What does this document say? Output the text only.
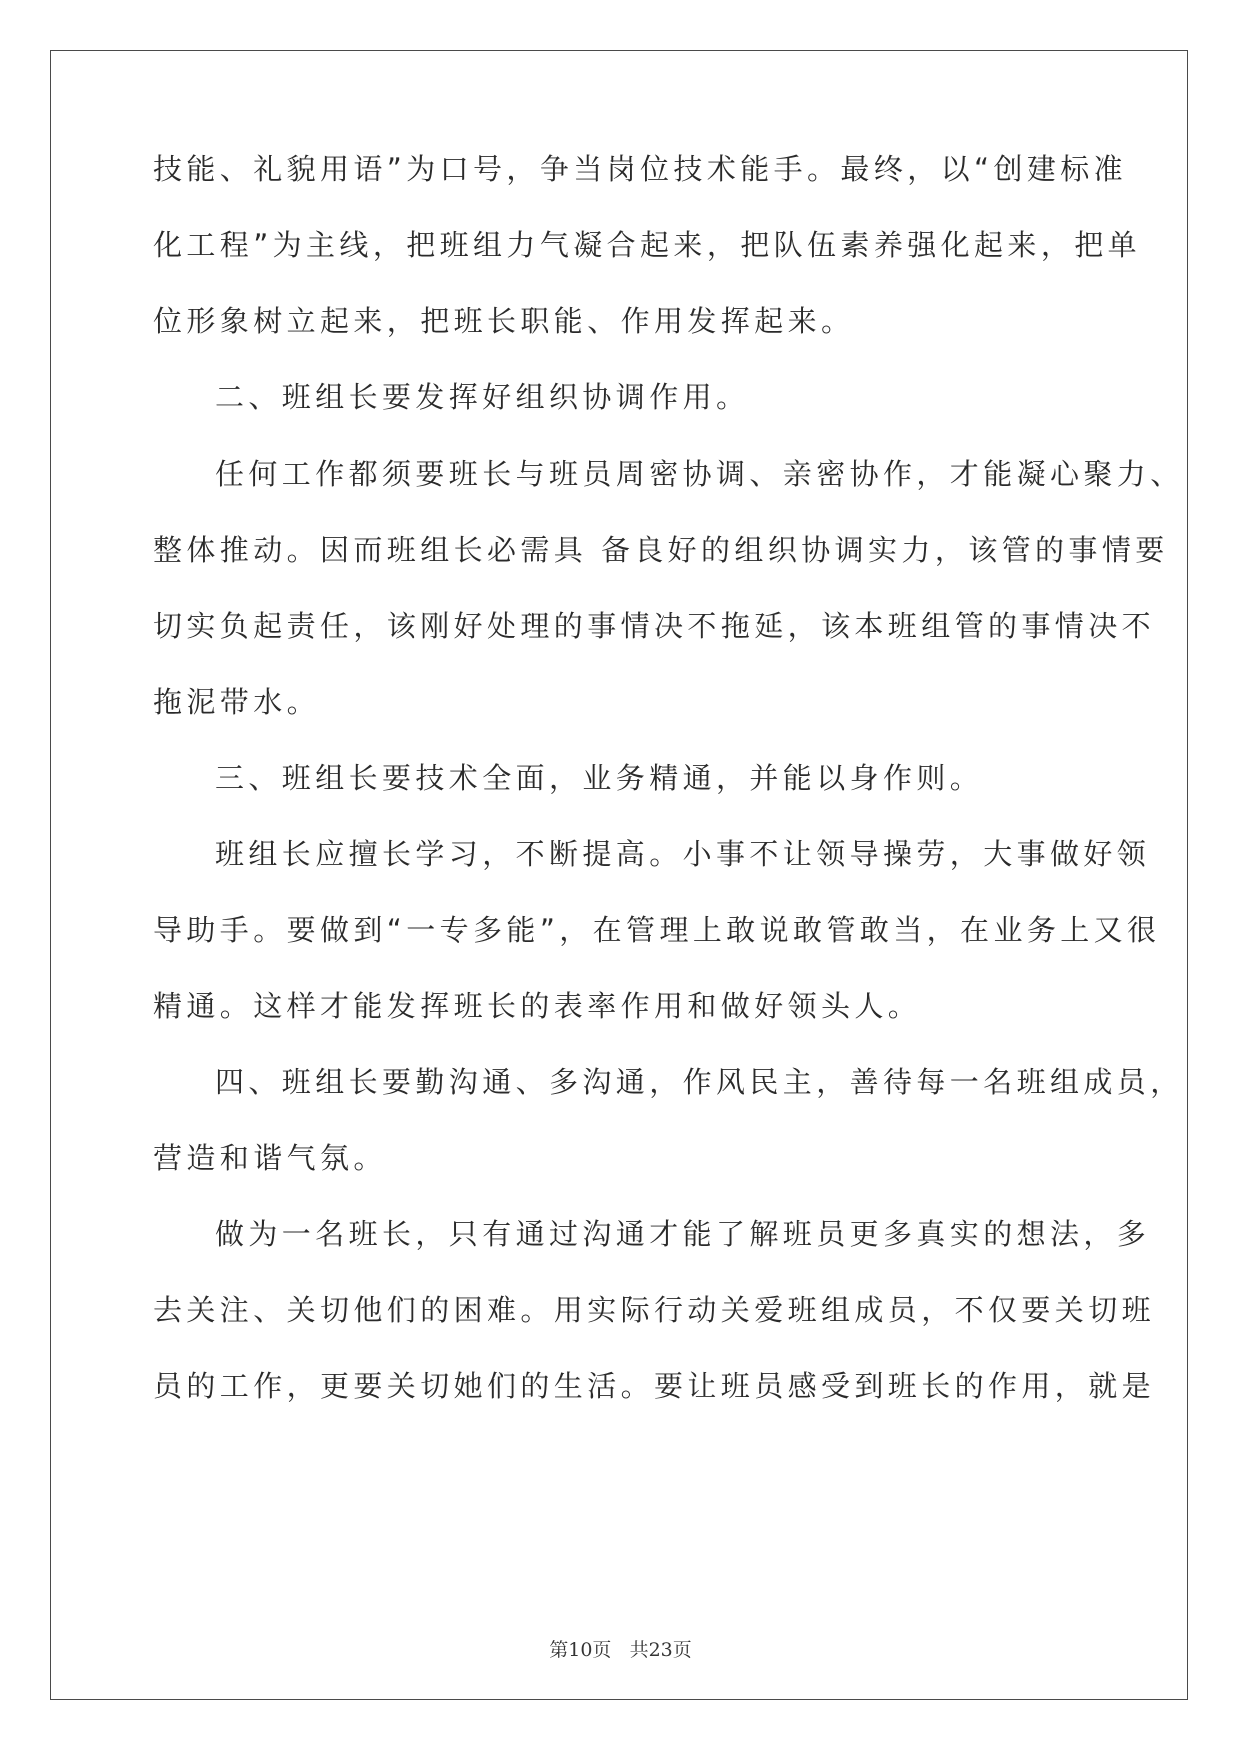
技能、礼貌用语”为口号，争当岗位技术能手。最终，以“创建标准
化工程”为主线，把班组力气凝合起来，把队伍素养强化起来，把单
位形象树立起来，把班长职能、作用发挥起来。
二、班组长要发挥好组织协调作用。
任何工作都须要班长与班员周密协调、亲密协作，才能凝心聚力、
整体推动。因而班组长必需具 备良好的组织协调实力，该管的事情要
切实负起责任，该刚好处理的事情决不拖延，该本班组管的事情决不
拖泥带水。
三、班组长要技术全面，业务精通，并能以身作则。
班组长应擅长学习，不断提高。小事不让领导操劳，大事做好领
导助手。要做到“一专多能”，在管理上敢说敢管敢当，在业务上又很
精通。这样才能发挥班长的表率作用和做好领头人。
四、班组长要勤沟通、多沟通，作风民主，善待每一名班组成员，
营造和谐气氛。
做为一名班长，只有通过沟通才能了解班员更多真实的想法，多
去关注、关切他们的困难。用实际行动关爱班组成员，不仅要关切班
员的工作，更要关切她们的生活。要让班员感受到班长的作用，就是
第10页 共23页
